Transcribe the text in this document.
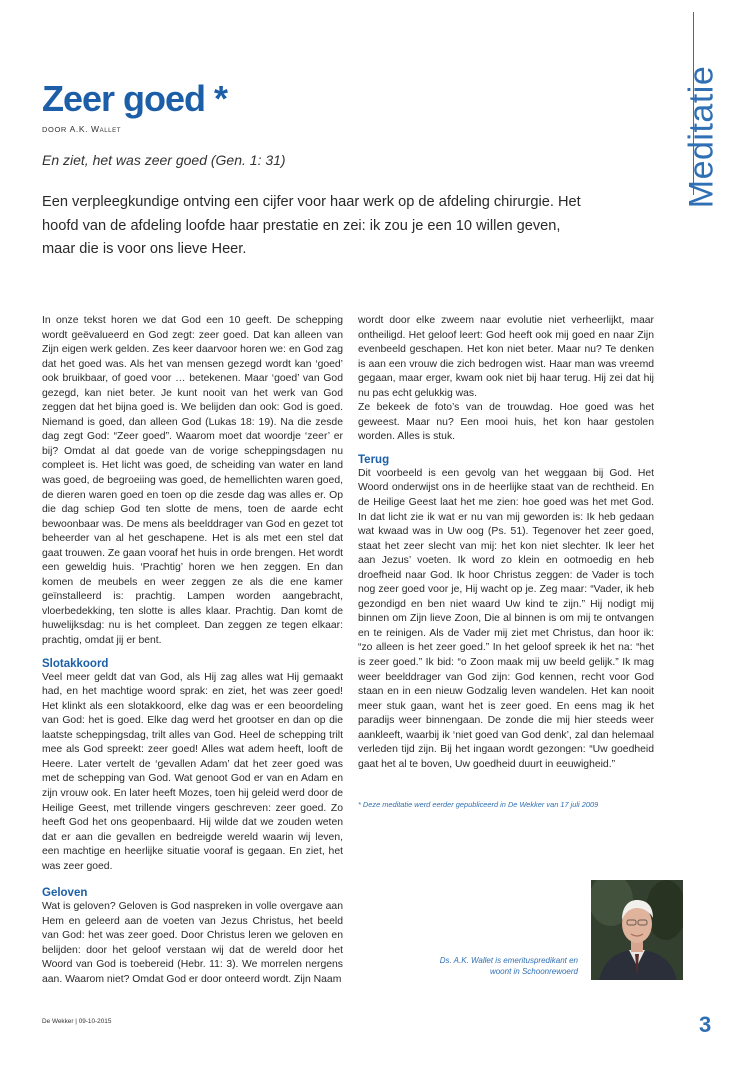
Meditatie
Zeer goed *
DOOR A.K. Wallet
En ziet, het was zeer goed (Gen. 1: 31)
Een verpleegkundige ontving een cijfer voor haar werk op de afdeling chirurgie. Het hoofd van de afdeling loofde haar prestatie en zei: ik zou je een 10 willen geven, maar die is voor ons lieve Heer.

In onze tekst horen we dat God een 10 geeft. De schepping wordt geëvalueerd en God zegt: zeer goed. Dat kan alleen van Zijn eigen werk gelden. Zes keer daarvoor horen we: en God zag dat het goed was. Als het van mensen gezegd wordt kan ‘goed’ ook bruikbaar, of goed voor … betekenen. Maar ‘goed’ van God gezegd, kan niet beter. Je kunt nooit van het werk van God zeggen dat het bijna goed is. We belijden dan ook: God is goed. Niemand is goed, dan alleen God (Lukas 18: 19). Na die zesde dag zegt God: “Zeer goed”. Waarom moet dat woordje ‘zeer’ er bij? Omdat al dat goede van de vorige scheppingsdagen nu compleet is. Het licht was goed, de scheiding van water en land was goed, de begroeiing was goed, de hemellichten waren goed, de dieren waren goed en toen op die zesde dag was alles er. Op die dag schiep God ten slotte de mens, toen de aarde echt bewoonbaar was. De mens als beelddrager van God en gezet tot beheerder van al het geschapene. Het is als met een stel dat gaat trouwen. Ze gaan vooraf het huis in orde brengen. Het wordt een geweldig huis. ‘Prachtig’ horen we hen zeggen. En dan komen de meubels en weer zeggen ze als die ene kamer geïnstalleerd is: prachtig. Lampen worden aangebracht, vloerbedekking, ten slotte is alles klaar. Prachtig. Dan komt de huwelijksdag: nu is het compleet. Dan zeggen ze tegen elkaar: prachtig, omdat jij er bent.

Slotakkoord

Veel meer geldt dat van God, als Hij zag alles wat Hij gemaakt had, en het machtige woord sprak: en ziet, het was zeer goed! Het klinkt als een slotakkoord, elke dag was er een beoordeling van God: het is goed. Elke dag werd het grootser en dan op die laatste scheppingsdag, trilt alles van God. Heel de schepping trilt mee als God spreekt: zeer goed! Alles wat adem heeft, looft de Heere. Later vertelt de ‘gevallen Adam’ dat het zeer goed was met de schepping van God. Wat genoot God er van en Adam en zijn vrouw ook. En later heeft Mozes, toen hij geleid werd door de Heilige Geest, met trillende vingers geschreven: zeer goed. Zo heeft God het ons geopenbaard. Hij wilde dat we zouden weten dat er aan die gevallen en bedreigde wereld waarin wij leven, een machtige en heerlijke situatie vooraf is gegaan. En ziet, het was zeer goed.

Geloven

Wat is geloven? Geloven is God naspreken in volle overgave aan Hem en geleerd aan de voeten van Jezus Christus, het beeld van God: het was zeer goed. Door Christus leren we geloven en belijden: door het geloof verstaan wij dat de wereld door het Woord van God is toebereid (Hebr. 11: 3). We morrelen nergens aan. Waarom niet? Omdat God er door onteerd wordt. Zijn Naam

wordt door elke zweem naar evolutie niet verheerlijkt, maar ontheiligd. Het geloof leert: God heeft ook mij goed en naar Zijn evenbeeld geschapen. Het kon niet beter. Maar nu? Te denken is aan een vrouw die zich bedrogen wist. Haar man was vreemd gegaan, maar erger, kwam ook niet bij haar terug. Hij zei dat hij nu pas echt gelukkig was.

Ze bekeek de foto’s van de trouwdag. Hoe goed was het geweest. Maar nu? Een mooi huis, het kon haar gestolen worden. Alles is stuk.

Terug

Dit voorbeeld is een gevolg van het weggaan bij God. Het Woord onderwijst ons in de heerlijke staat van de rechtheid. En de Heilige Geest laat het me zien: hoe goed was het met God. In dat licht zie ik wat er nu van mij geworden is: Ik heb gedaan wat kwaad was in Uw oog (Ps. 51). Tegenover het zeer goed, staat het zeer slecht van mij: het kon niet slechter. Ik leer het aan Jezus’ voeten. Ik word zo klein en ootmoedig en heb droefheid naar God. Ik hoor Christus zeggen: de Vader is toch nog zeer goed voor je, Hij wacht op je. Zeg maar: “Vader, ik heb gezondigd en ben niet waard Uw kind te zijn.” Hij nodigt mij binnen om Zijn lieve Zoon, Die al binnen is om mij te ontvangen en te reinigen. Als de Vader mij ziet met Christus, dan hoor ik: “zo alleen is het zeer goed.” In het geloof spreek ik het na: “het is zeer goed.” Ik bid: “o Zoon maak mij uw beeld gelijk.” Ik mag weer beelddrager van God zijn: God kennen, recht voor God staan en in een nieuw Godzalig leven wandelen. Het kan nooit meer stuk gaan, want het is zeer goed. En eens mag ik het paradijs weer binnengaan. De zonde die mij hier steeds weer aankleeft, waarbij ik ‘niet goed van God denk’, zal dan helemaal verleden tijd zijn. Bij het ingaan wordt gezongen: “Uw goedheid gaat het al te boven, Uw goedheid duurt in eeuwigheid.”

* Deze meditatie werd eerder gepubliceerd in De Wekker van 17 juli 2009
Ds. A.K. Wallet is emerituspredikant en
woont in Schoonrewoerd
De Wekker | 09-10-2015	3
